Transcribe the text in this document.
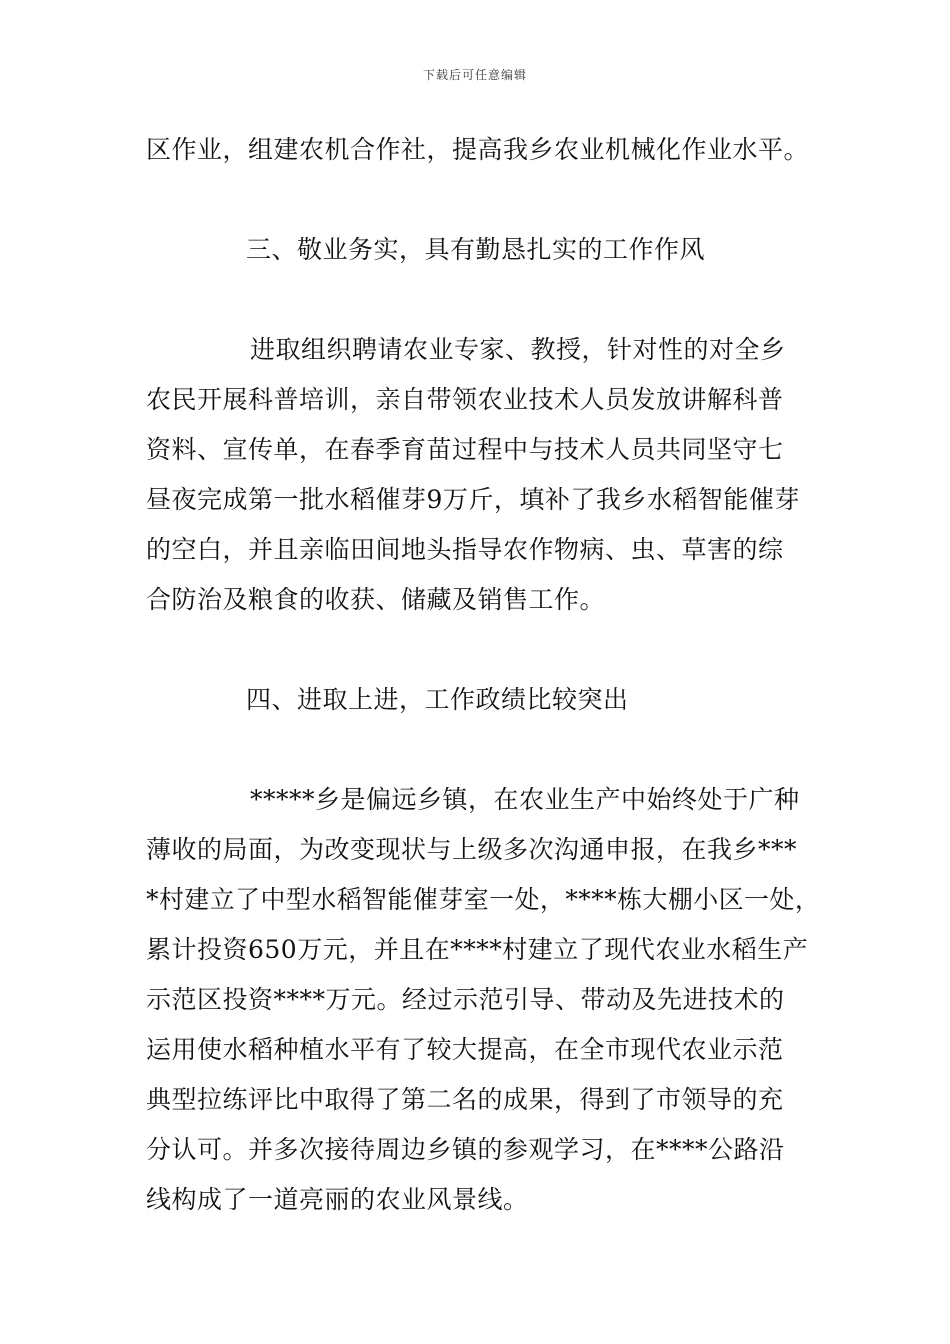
下载后可任意编辑
区作业，组建农机合作社，提高我乡农业机械化作业水平。
三、敬业务实，具有勤恳扎实的工作作风
进取组织聘请农业专家、教授，针对性的对全乡
农民开展科普培训，亲自带领农业技术人员发放讲解科普
资料、宣传单，在春季育苗过程中与技术人员共同坚守七
昼夜完成第一批水稻催芽9万斤，填补了我乡水稻智能催芽
的空白，并且亲临田间地头指导农作物病、虫、草害的综
合防治及粮食的收获、储藏及销售工作。
四、进取上进，工作政绩比较突出
*****乡是偏远乡镇，在农业生产中始终处于广种
薄收的局面，为改变现状与上级多次沟通申报，在我乡***
*村建立了中型水稻智能催芽室一处，****栋大棚小区一处，
累计投资650万元，并且在****村建立了现代农业水稻生产
示范区投资****万元。经过示范引导、带动及先进技术的
运用使水稻种植水平有了较大提高，在全市现代农业示范
典型拉练评比中取得了第二名的成果，得到了市领导的充
分认可。并多次接待周边乡镇的参观学习，在****公路沿
线构成了一道亮丽的农业风景线。
